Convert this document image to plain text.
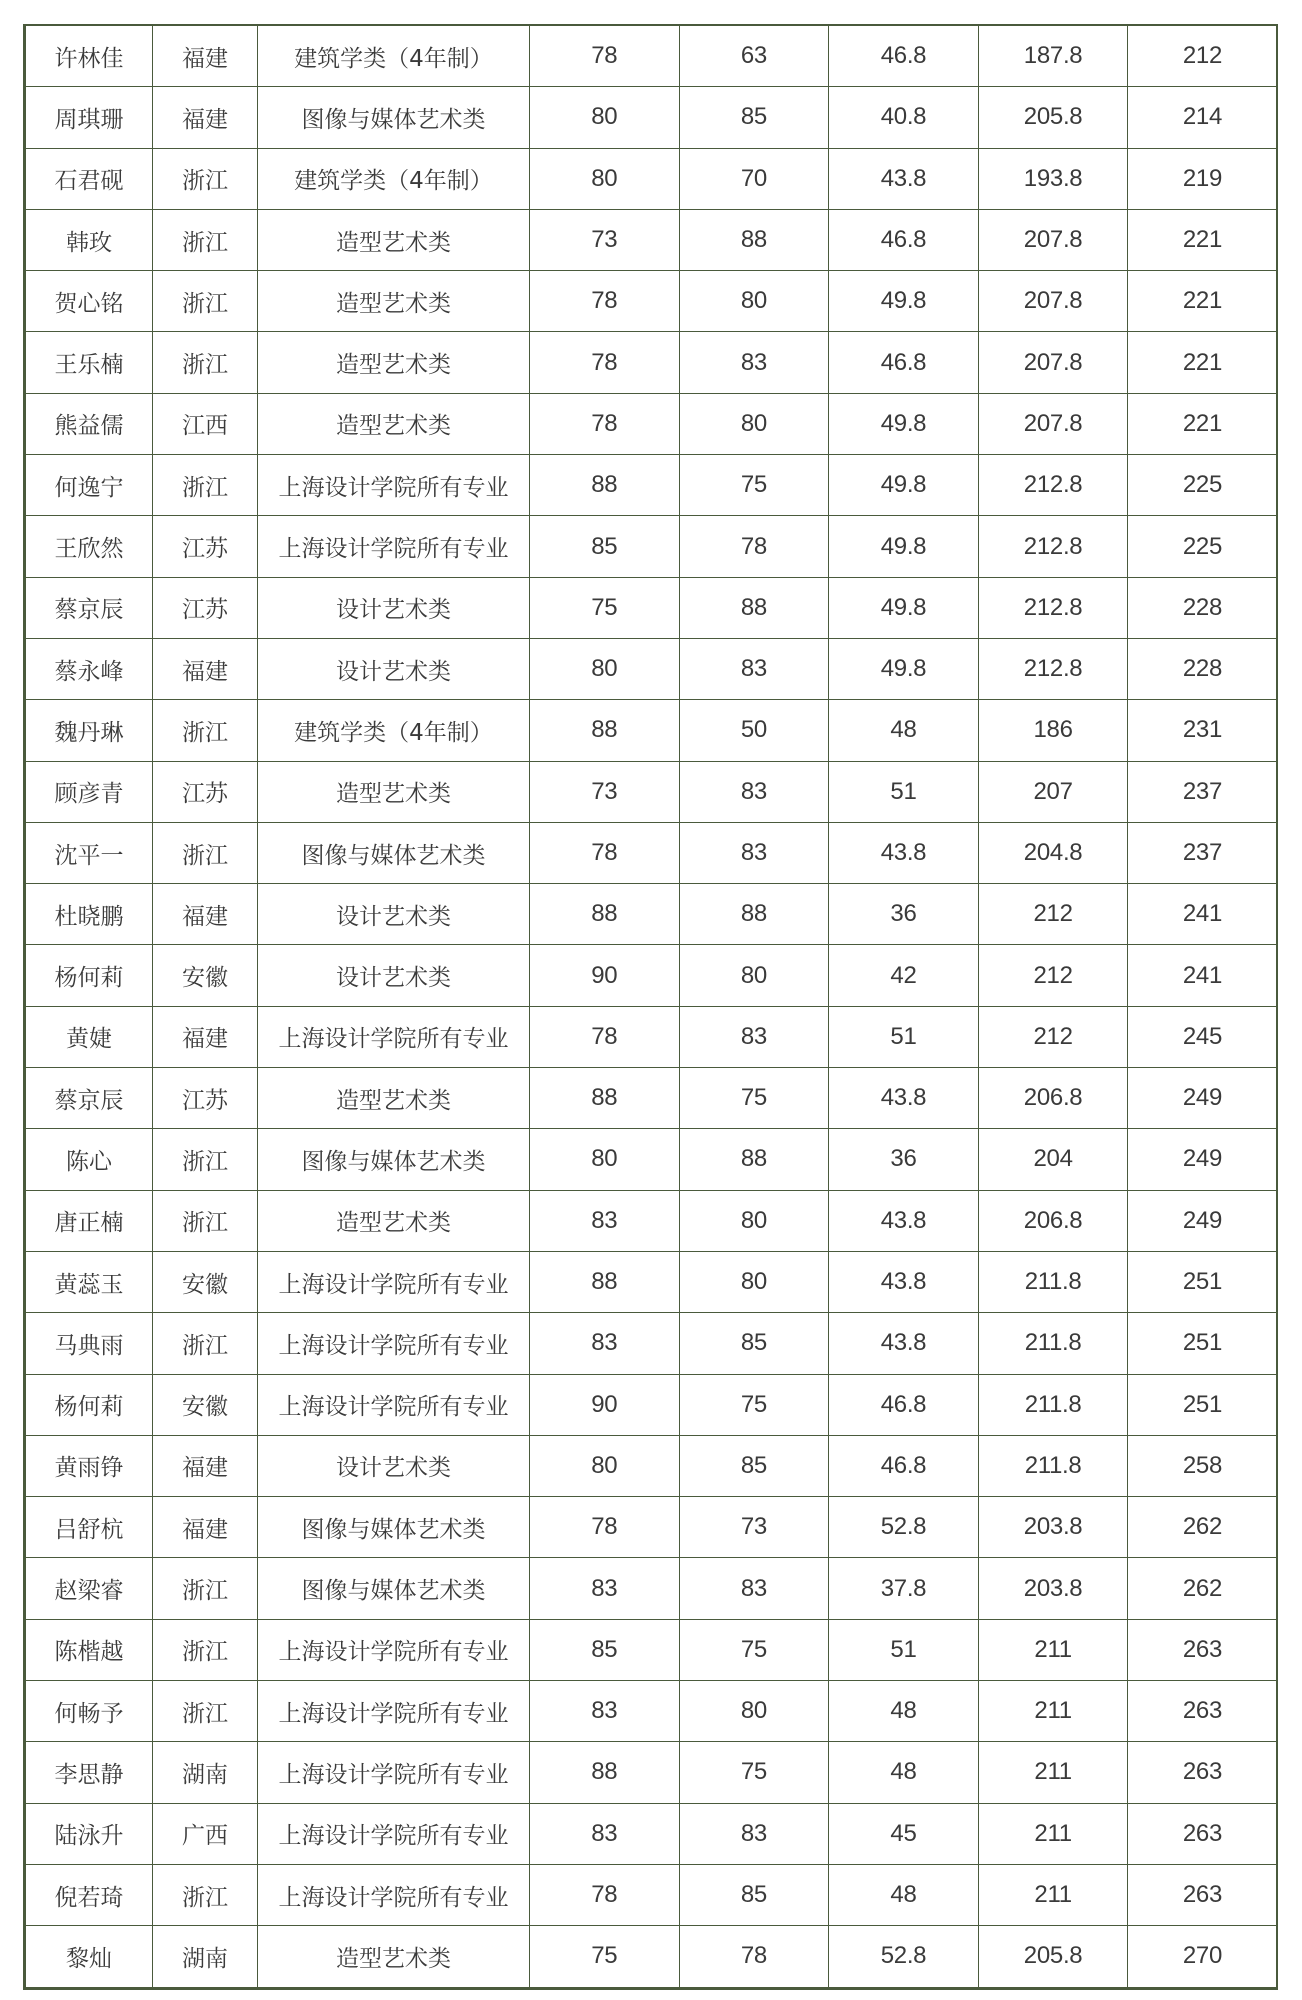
许林佳	福建	建筑学类（4年制）	78	63	46.8	187.8	212
周琪珊	福建	图像与媒体艺术类	80	85	40.8	205.8	214
石君砚	浙江	建筑学类（4年制）	80	70	43.8	193.8	219
韩玫	浙江	造型艺术类	73	88	46.8	207.8	221
贺心铭	浙江	造型艺术类	78	80	49.8	207.8	221
王乐楠	浙江	造型艺术类	78	83	46.8	207.8	221
熊益儒	江西	造型艺术类	78	80	49.8	207.8	221
何逸宁	浙江	上海设计学院所有专业	88	75	49.8	212.8	225
王欣然	江苏	上海设计学院所有专业	85	78	49.8	212.8	225
蔡京辰	江苏	设计艺术类	75	88	49.8	212.8	228
蔡永峰	福建	设计艺术类	80	83	49.8	212.8	228
魏丹琳	浙江	建筑学类（4年制）	88	50	48	186	231
顾彦青	江苏	造型艺术类	73	83	51	207	237
沈平一	浙江	图像与媒体艺术类	78	83	43.8	204.8	237
杜晓鹏	福建	设计艺术类	88	88	36	212	241
杨何莉	安徽	设计艺术类	90	80	42	212	241
黄婕	福建	上海设计学院所有专业	78	83	51	212	245
蔡京辰	江苏	造型艺术类	88	75	43.8	206.8	249
陈心	浙江	图像与媒体艺术类	80	88	36	204	249
唐正楠	浙江	造型艺术类	83	80	43.8	206.8	249
黄蕊玉	安徽	上海设计学院所有专业	88	80	43.8	211.8	251
马典雨	浙江	上海设计学院所有专业	83	85	43.8	211.8	251
杨何莉	安徽	上海设计学院所有专业	90	75	46.8	211.8	251
黄雨铮	福建	设计艺术类	80	85	46.8	211.8	258
吕舒杭	福建	图像与媒体艺术类	78	73	52.8	203.8	262
赵梁睿	浙江	图像与媒体艺术类	83	83	37.8	203.8	262
陈楷越	浙江	上海设计学院所有专业	85	75	51	211	263
何畅予	浙江	上海设计学院所有专业	83	80	48	211	263
李思静	湖南	上海设计学院所有专业	88	75	48	211	263
陆泳升	广西	上海设计学院所有专业	83	83	45	211	263
倪若琦	浙江	上海设计学院所有专业	78	85	48	211	263
黎灿	湖南	造型艺术类	75	78	52.8	205.8	270
